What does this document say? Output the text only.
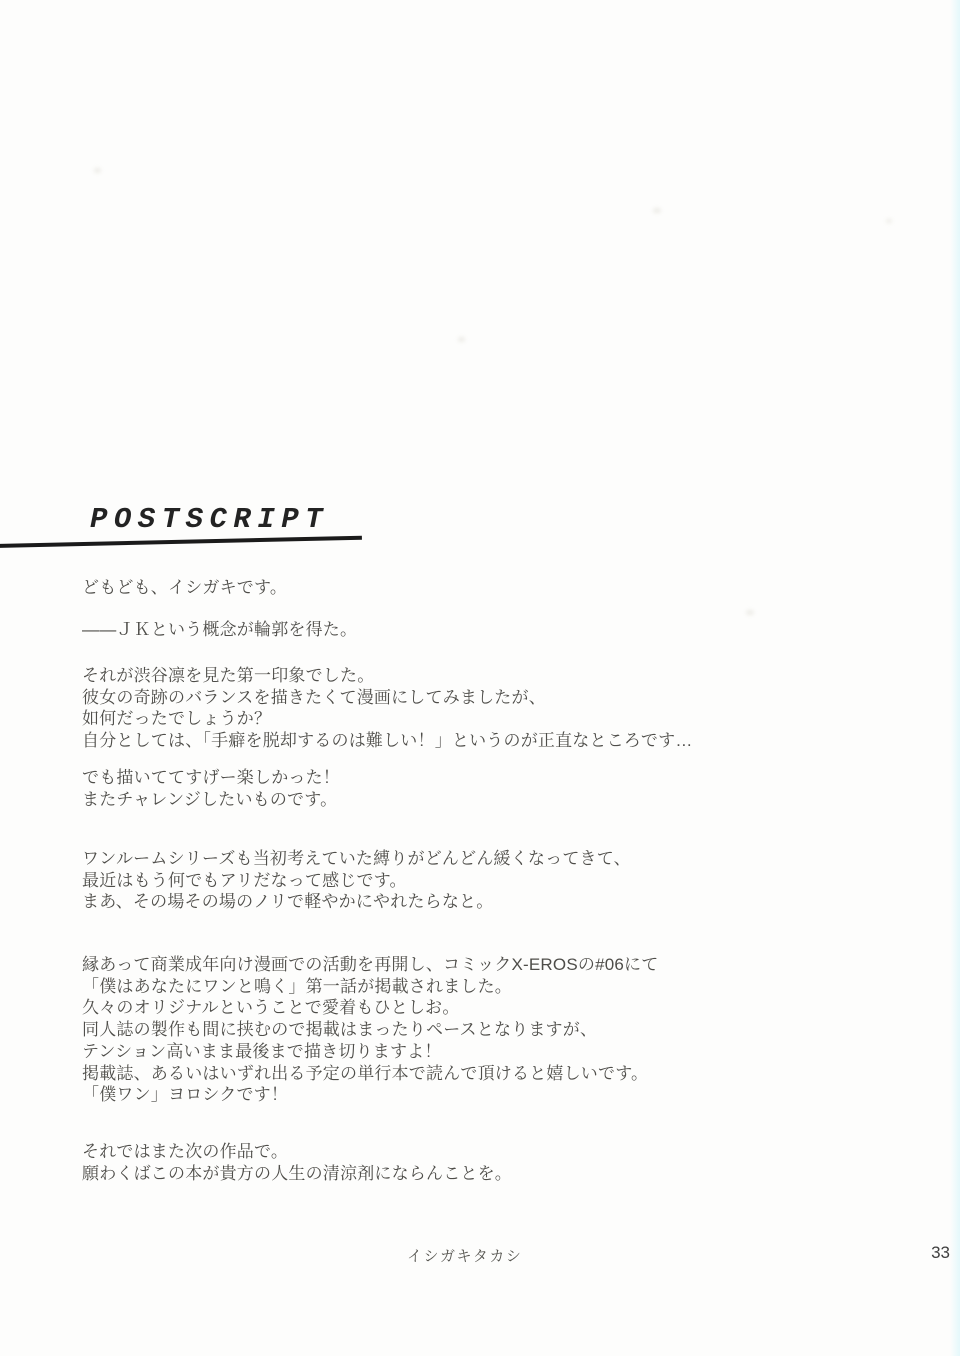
POSTSCRIPT

どもども、イシガキです。

——ＪＫという概念が輪郭を得た。

それが渋谷凛を見た第一印象でした。
彼女の奇跡のバランスを描きたくて漫画にしてみましたが、
如何だったでしょうか？
自分としては、「手癖を脱却するのは難しい！」というのが正直なところです…

でも描いててすげー楽しかった！
またチャレンジしたいものです。

ワンルームシリーズも当初考えていた縛りがどんどん緩くなってきて、
最近はもう何でもアリだなって感じです。
まあ、その場その場のノリで軽やかにやれたらなと。

縁あって商業成年向け漫画での活動を再開し、コミックX-EROSの#06にて
「僕はあなたにワンと鳴く」第一話が掲載されました。
久々のオリジナルということで愛着もひとしお。
同人誌の製作も間に挟むので掲載はまったりペースとなりますが、
テンション高いまま最後まで描き切りますよ！
掲載誌、あるいはいずれ出る予定の単行本で読んで頂けると嬉しいです。
「僕ワン」ヨロシクです！

それではまた次の作品で。
願わくばこの本が貴方の人生の清涼剤にならんことを。

イシガキタカシ	33
